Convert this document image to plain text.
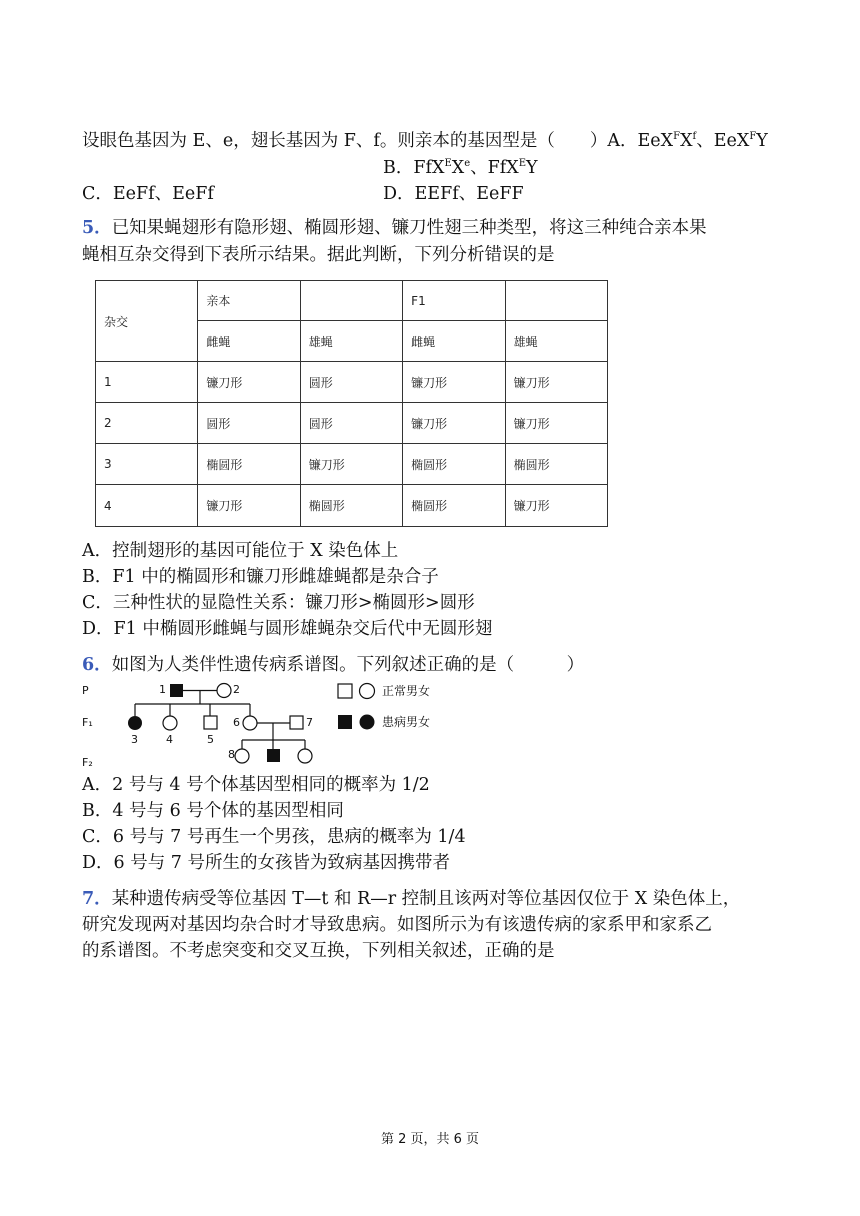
设眼色基因为 E、e，翅长基因为 F、f。则亲本的基因型是（　　）A．$EeX^FX^f$、EeX$^F$Y
B．FfX$^E$Xe、FfX$^E$Y
C．EeFf、EeFf	D．EEFf、EeFF
5．已知果蝇翅形有隐形翅、椭圆形翅、镰刀性翅三种类型，将这三种纯合亲本果
蝇相互杂交得到下表所示结果。据此判断，下列分析错误的是
杂交	亲本		F1	
	雌蝇	雄蝇	雌蝇	雄蝇
1	镰刀形	圆形	镰刀形	镰刀形
2	圆形	圆形	镰刀形	镰刀形
3	椭圆形	镰刀形	椭圆形	椭圆形
4	镰刀形	椭圆形	椭圆形	镰刀形
A．控制翅形的基因可能位于 X 染色体上
B．F1 中的椭圆形和镰刀形雌雄蝇都是杂合子
C．三种性状的显隐性关系：镰刀形>椭圆形>圆形
D．F1 中椭圆形雌蝇与圆形雄蝇杂交后代中无圆形翅
6．如图为人类伴性遗传病系谱图。下列叙述正确的是（　　　）
P
F₁
F₂
1	2
6	7
3	4	5
8
正常男女
患病男女
A．2 号与 4 号个体基因型相同的概率为 1/2
B．4 号与 6 号个体的基因型相同
C．6 号与 7 号再生一个男孩，患病的概率为 1/4
D．6 号与 7 号所生的女孩皆为致病基因携带者
7．某种遗传病受等位基因 T—t 和 R—r 控制且该两对等位基因仅位于 X 染色体上，
研究发现两对基因均杂合时才导致患病。如图所示为有该遗传病的家系甲和家系乙
的系谱图。不考虑突变和交叉互换，下列相关叙述，正确的是
第 2 页，共 6 页
